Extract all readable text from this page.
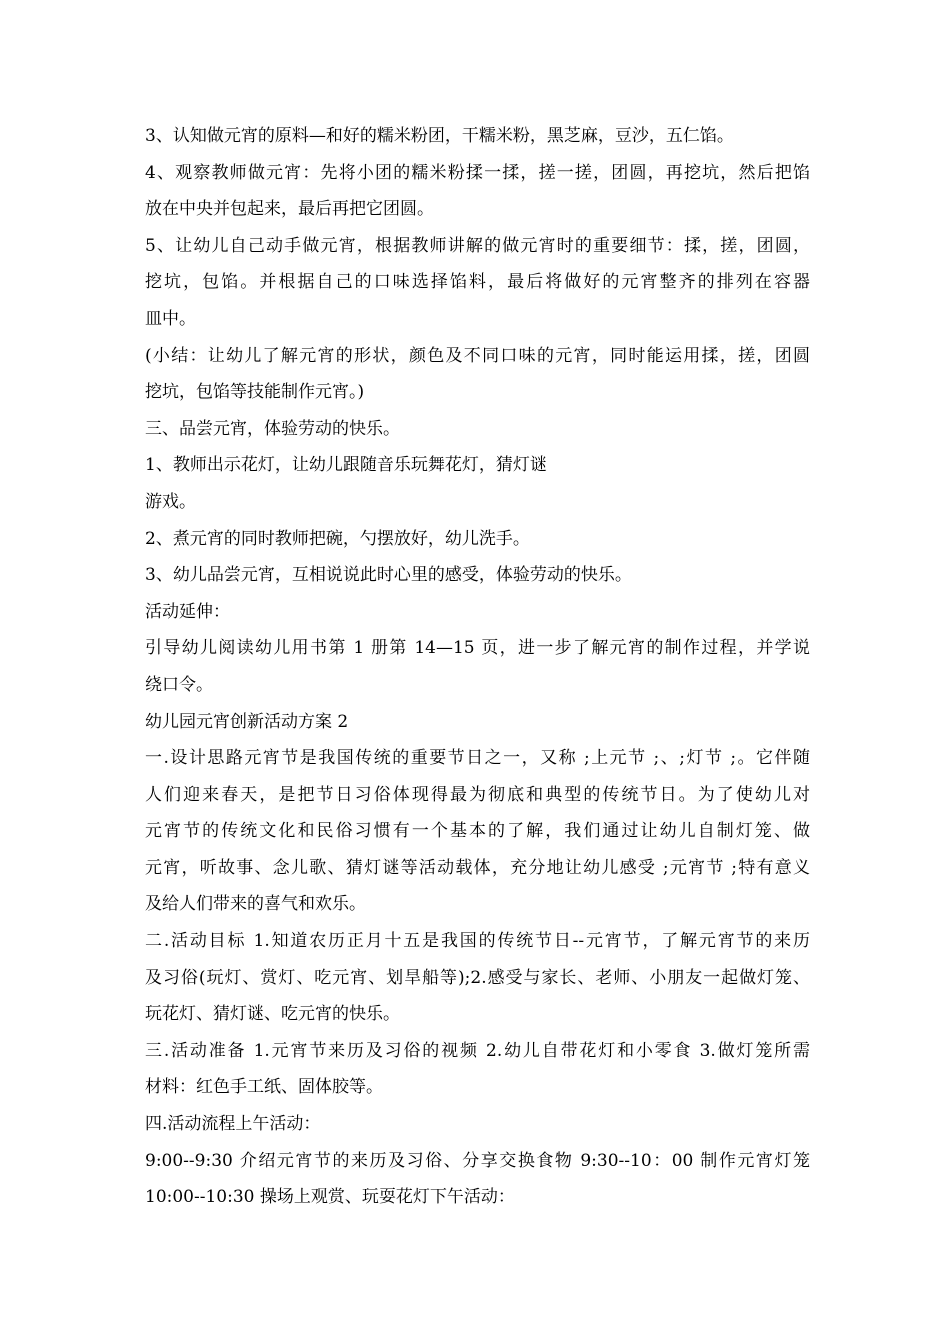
3、认知做元宵的原料—和好的糯米粉团，干糯米粉，黑芝麻，豆沙，五仁馅。
4、观察教师做元宵：先将小团的糯米粉揉一揉，搓一搓，团圆，再挖坑，然后把馅
放在中央并包起来，最后再把它团圆。
5、让幼儿自己动手做元宵，根据教师讲解的做元宵时的重要细节：揉，搓，团圆，
挖坑，包馅。并根据自己的口味选择馅料，最后将做好的元宵整齐的排列在容器
皿中。
(小结：让幼儿了解元宵的形状，颜色及不同口味的元宵，同时能运用揉，搓，团圆
挖坑，包馅等技能制作元宵。)
三、品尝元宵，体验劳动的快乐。
1、教师出示花灯，让幼儿跟随音乐玩舞花灯，猜灯谜
游戏。
2、煮元宵的同时教师把碗，勺摆放好，幼儿洗手。
3、幼儿品尝元宵，互相说说此时心里的感受，体验劳动的快乐。
活动延伸：
引导幼儿阅读幼儿用书第 1 册第 14—15 页，进一步了解元宵的制作过程，并学说
绕口令。
幼儿园元宵创新活动方案 2
一.设计思路元宵节是我国传统的重要节日之一，又称 ;上元节 ;、;灯节 ;。它伴随
人们迎来春天，是把节日习俗体现得最为彻底和典型的传统节日。为了使幼儿对
元宵节的传统文化和民俗习惯有一个基本的了解，我们通过让幼儿自制灯笼、做
元宵，听故事、念儿歌、猜灯谜等活动载体，充分地让幼儿感受 ;元宵节 ;特有意义
及给人们带来的喜气和欢乐。
二.活动目标 1.知道农历正月十五是我国的传统节日--元宵节，了解元宵节的来历
及习俗(玩灯、赏灯、吃元宵、划旱船等);2.感受与家长、老师、小朋友一起做灯笼、
玩花灯、猜灯谜、吃元宵的快乐。
三.活动准备 1.元宵节来历及习俗的视频 2.幼儿自带花灯和小零食 3.做灯笼所需
材料：红色手工纸、固体胶等。
四.活动流程上午活动：
9:00--9:30 介绍元宵节的来历及习俗、分享交换食物 9:30--10：00 制作元宵灯笼
10:00--10:30 操场上观赏、玩耍花灯下午活动：
